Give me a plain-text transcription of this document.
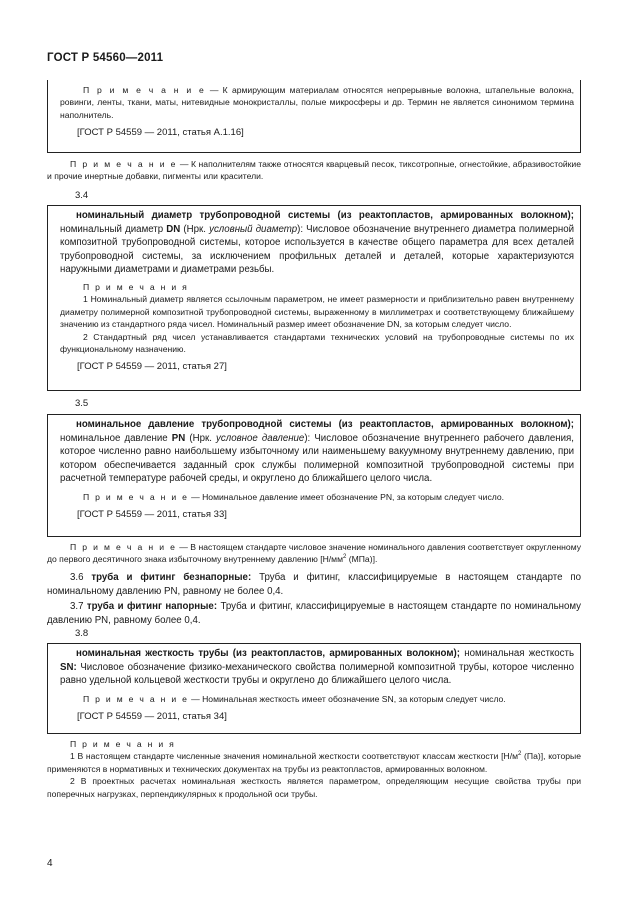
ГОСТ Р 54560—2011

П р и м е ч а н и е — К армирующим материалам относятся непрерывные волокна, штапельные волокна, ровинги, ленты, ткани, маты, нитевидные монокристаллы, полые микросферы и др. Термин не является синонимом термина наполнитель.

[ГОСТ Р 54559 — 2011, статья А.1.16]

П р и м е ч а н и е — К наполнителям также относятся кварцевый песок, тиксотропные, огнестойкие, абразивостойкие и прочие инертные добавки, пигменты или красители.
3.4

номинальный диаметр трубопроводной системы (из реактопластов, армированных волокном); номинальный диаметр DN (Нрк. условный диаметр): Числовое обозначение внутреннего диаметра полимерной композитной трубопроводной системы, которое используется в качестве общего параметра для всех деталей трубопроводной системы, за исключением профильных деталей и деталей, которые характеризуются наружными диаметрами и диаметрами резьбы.

П р и м е ч а н и я

1 Номинальный диаметр является ссылочным параметром, не имеет размерности и приблизительно равен внутреннему диаметру полимерной композитной трубопроводной системы, выраженному в миллиметрах и соответствующему ближайшему значению из стандартного ряда чисел. Номинальный размер имеет обозначение DN, за которым следует число.

2 Стандартный ряд чисел устанавливается стандартами технических условий на трубопроводные системы по их функциональному назначению.

[ГОСТ Р 54559 — 2011, статья 27]

3.5

номинальное давление трубопроводной системы (из реактопластов, армированных волокном); номинальное давление PN (Нрк. условное давление): Числовое обозначение внутреннего рабочего давления, которое численно равно наибольшему избыточному или наименьшему вакуумному внутреннему давлению, при котором обеспечивается заданный срок службы полимерной композитной трубопроводной системы при расчетной температуре рабочей среды, и округлено до ближайшего целого числа.

П р и м е ч а н и е — Номинальное давление имеет обозначение PN, за которым следует число.

[ГОСТ Р 54559 — 2011, статья 33]

П р и м е ч а н и е — В настоящем стандарте числовое значение номинального давления соответствует округленному до первого десятичного знака избыточному внутреннему давлению [$Н/мм^2$ (МПа)].

3.6 труба и фитинг безнапорные: Труба и фитинг, классифицируемые в настоящем стандарте по номинальному давлению PN, равному не более 0,4.

3.7 труба и фитинг напорные: Труба и фитинг, классифицируемые в настоящем стандарте по номинальному давлению PN, равному более 0,4.

3.8

номинальная жесткость трубы (из реактопластов, армированных волокном); номинальная жесткость SN: Числовое обозначение физико-механического свойства полимерной композитной трубы, которое численно равно удельной кольцевой жесткости трубы и округлено до ближайшего целого числа.

П р и м е ч а н и е — Номинальная жесткость имеет обозначение SN, за которым следует число.

[ГОСТ Р 54559 — 2011, статья 34]

П р и м е ч а н и я

1 В настоящем стандарте численные значения номинальной жесткости соответствуют классам жесткости [$Н/м^2$ (Па)], которые применяются в нормативных и технических документах на трубы из реактопластов, армированных волокном.

2 В проектных расчетах номинальная жесткость является параметром, определяющим несущие свойства трубы при поперечных нагрузках, перпендикулярных к продольной оси трубы.

4
